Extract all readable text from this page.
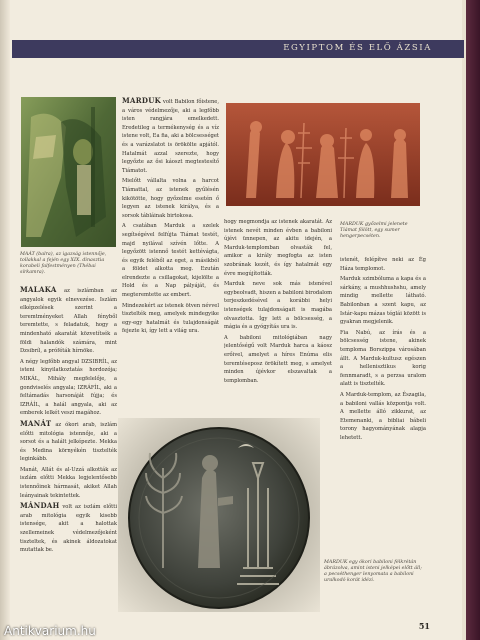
EGYIPTOM ÉS ELŐ ÁZSIA
MAÁT (balra), az igazság istennője, tollakkal a fején egy XIX. dinasztia korabeli falfestményen (Thébai sírkamra).
MARDUK győzelmi jelenete Tiámat fölött, egy sumer hengerpecséten.
MARDUK egy ókori babiloni félkrétán ábrázolva, amint isteni jelképei előtt áll; a pecséthenger lenyomata a babiloni uralkodó korát idézi.

MALÁKA az iszlámban az angyalok egyik elnevezése. Iszlám elképzelések szerint a teremtményeket Allah fényből teremtette, s feladatuk, hogy a mindenható akaratát közvetítsék a földi halandók számára, mint Dzsibríl, a próféták hírnöke.

A négy legfőbb angyal DZSIBRÍL, az isteni kinyilatkoztatás hordozója; MIKÁL, Mihály megfelelője, a gondviselés angyala; IZRÁFÍL, aki a feltámadás harsonáját fújja; és IZRÁÍL, a halál angyala, aki az emberek lelkét veszi magához.

MANÁT az ókori arab, iszlám előtti mitológia istennője, aki a sorsot és a halált jelképezte. Mekka és Medina környékén tisztelték leginkább.

Manát, Allát és al-Uzzá alkották az iszlám előtti Mekka legjelentősebb istennőinek hármasát, akiket Allah leányainak tekintettek.

MÁNDAH volt az iszlám előtti arab mitológia egyik kisebb istensége, akit a halottak szellemeinek védelmezőjeként tiszteltek, és akinek áldozatokat mutattak be.

MARDUK volt Babilon főistene, a város védelmezője, aki a legfőbb isten rangjára emelkedett. Eredetileg a termékenység és a víz istene volt, Ea fia, aki a bölcsességet és a varázslatot is örökölte apjától. Hatalmát azzal szerezte, hogy legyőzte az ősi káoszt megtestesítő Tiámatot.

Mielőtt vállalta volna a harcot Tiámattal, az istenek gyűlésén kikötötte, hogy győzelme esetén ő legyen az istenek királya, és a sorsok tábláinak birtokosa.

A csatában Marduk a szelek segítségével felfújta Tiámat testét, majd nyilával szívén lőtte. A legyőzött istennő testét kettévágta, és egyik feléből az eget, a másikból a földet alkotta meg. Ezután elrendezte a csillagokat, kijelölte a Hold és a Nap pályáját, és megteremtette az embert.

Mindezekért az istenek ötven névvel tisztelték meg, amelyek mindegyike egy-egy hatalmát és tulajdonságát fejezte ki, így lett a világ ura.

hogy megmondja az istenek akaratát. Az istenek nevét minden évben a babiloni újévi ünnepen, az akitu idején, a Marduk-templomban olvasták fel, amikor a király megfogta az isten szobrának kezét, és így hatalmát egy évre megújították.

Marduk neve sok más istenével egybeolvadt, hiszen a babiloni birodalom terjeszkedésével a korábbi helyi istenségek tulajdonságait is magába olvasztotta. Így lett a bölcsesség, a mágia és a gyógyítás ura is.

A babiloni mitológiában nagy jelentőségű volt Marduk harca a káosz erőivel, amelyet a híres Enúma elis teremtéseposz örökített meg, s amelyet minden újévkor elszavaltak a templomban.

istenét, felépítve neki az Ég Háza templomot.

Marduk szimbóluma a kapa és a sárkány, a mushhushshu, amely mindig mellette látható. Babilonban a szent kapu, az Istár-kapu mázas téglái között is gyakran megjelenik.

Fia Nabú, az írás és a bölcsesség istene, akinek temploma Borszippa városában állt. A Marduk-kultusz egészen a hellenisztikus korig fennmaradt, s a perzsa uralom alatt is tisztelték.

A Marduk-templom, az Észagila, a babiloni vallás központja volt. A mellette álló zikkurat, az Etemenanki, a bibliai bábeli torony hagyományának alapja lehetett.

51
Antikvarium.hu
